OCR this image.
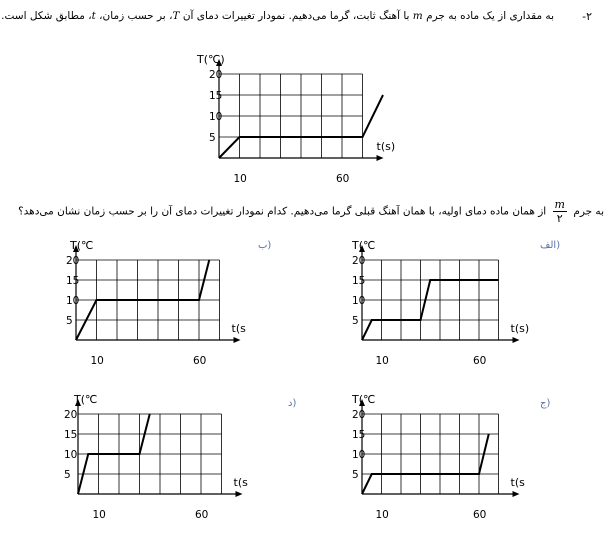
-۲
به مقداری از یک ماده به جرم m با آهنگ ثابت، گرما می‌دهیم. نمودار تغییرات دمای آن T، بر حسب زمان، t، مطابق شکل است.
T(℃)
20
15
10
5
t(s)
10	60
به جرم
$\frac{m}{۲}$
از همان ماده دمای اولیه، با همان آهنگ قبلی گرما می‌دهیم. کدام نمودار تغییرات دمای آن را بر حسب زمان نشان می‌دهد؟
الف)
ب)
ج)
د)
T(℃
20
15
10
5
t(s)
10	60
T(℃
20
15
10
5
t(s
10	60
T(℃
20
15
10
5
t(s
10	60
T(℃
20
15
10
5
t(s
10	60
